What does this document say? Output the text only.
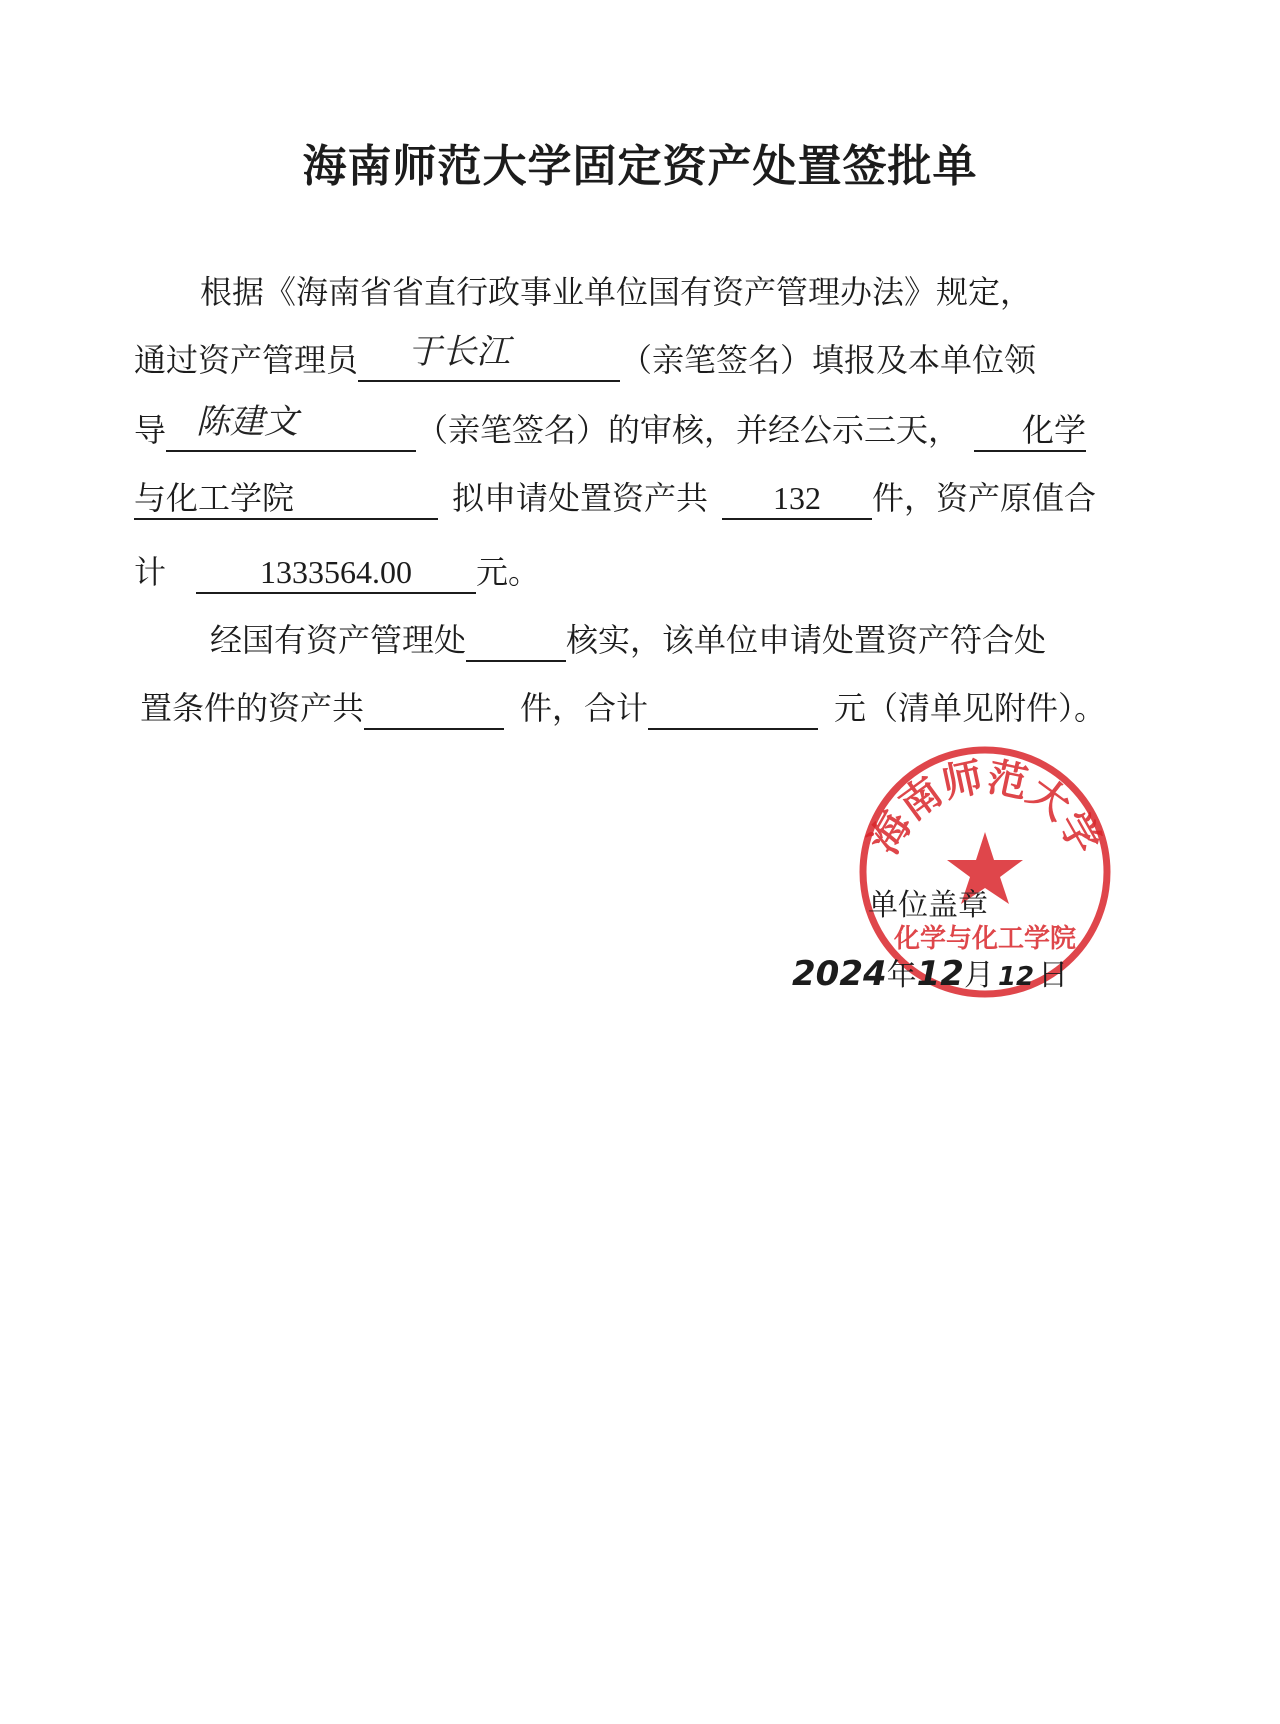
海南师范大学固定资产处置签批单
根据《海南省省直行政事业单位国有资产管理办法》规定，
通过资产管理员 于长江	（亲笔签名）填报及本单位领
导 陈建文	（亲笔签名）的审核，并经公示三天， 化学
与化工学院	拟申请处置资产共 132 件，资产原值合
计	1333564.00 元。
经国有资产管理处	核实，该单位申请处置资产符合处
置条件的资产共	件，合计	元（清单见附件）。
海南师范大学
化学与化工学院
单位盖章
2024年12月 12 日
